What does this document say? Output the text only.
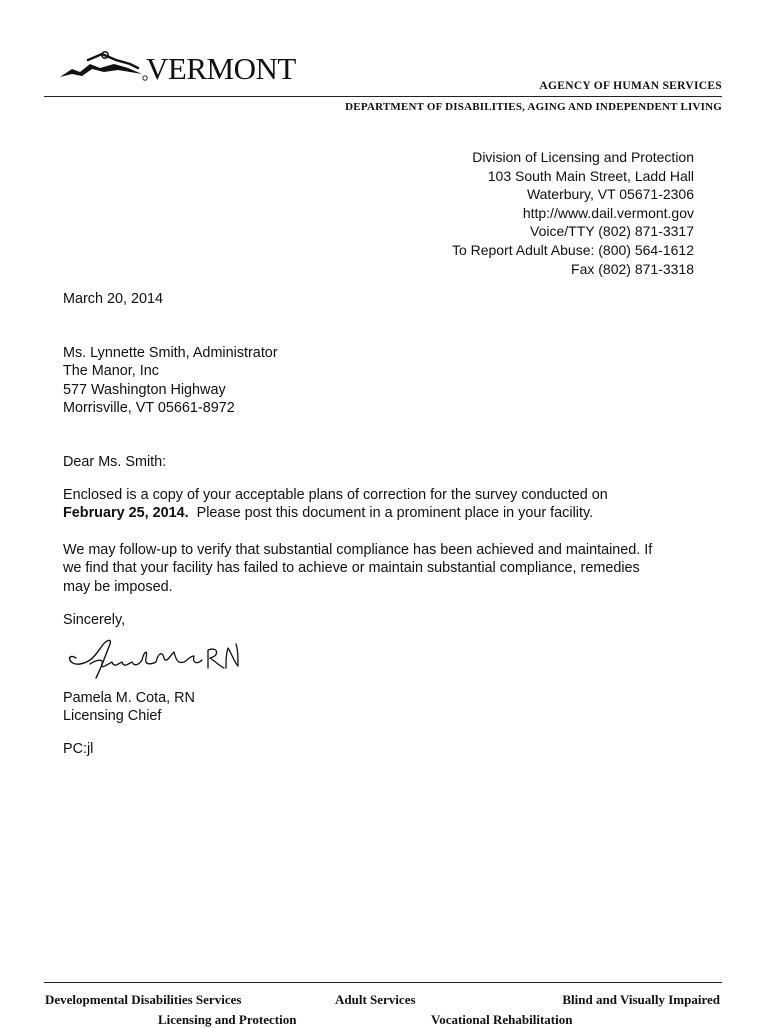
VERMONT	AGENCY OF HUMAN SERVICES
DEPARTMENT OF DISABILITIES, AGING AND INDEPENDENT LIVING
Division of Licensing and Protection
103 South Main Street, Ladd Hall
Waterbury, VT 05671-2306
http://www.dail.vermont.gov
Voice/TTY (802) 871-3317
To Report Adult Abuse: (800) 564-1612
Fax (802) 871-3318
March 20, 2014
Ms. Lynnette Smith, Administrator
The Manor, Inc
577 Washington Highway
Morrisville, VT 05661-8972
Dear Ms. Smith:
Enclosed is a copy of your acceptable plans of correction for the survey conducted on
February 25, 2014.  Please post this document in a prominent place in your facility.
We may follow-up to verify that substantial compliance has been achieved and maintained. If
we find that your facility has failed to achieve or maintain substantial compliance, remedies
may be imposed.
Sincerely,
Pamela M. Cota, RN
Licensing Chief
PC:jl
Developmental Disabilities Services	Adult Services	Blind and Visually Impaired
Licensing and Protection	Vocational Rehabilitation
